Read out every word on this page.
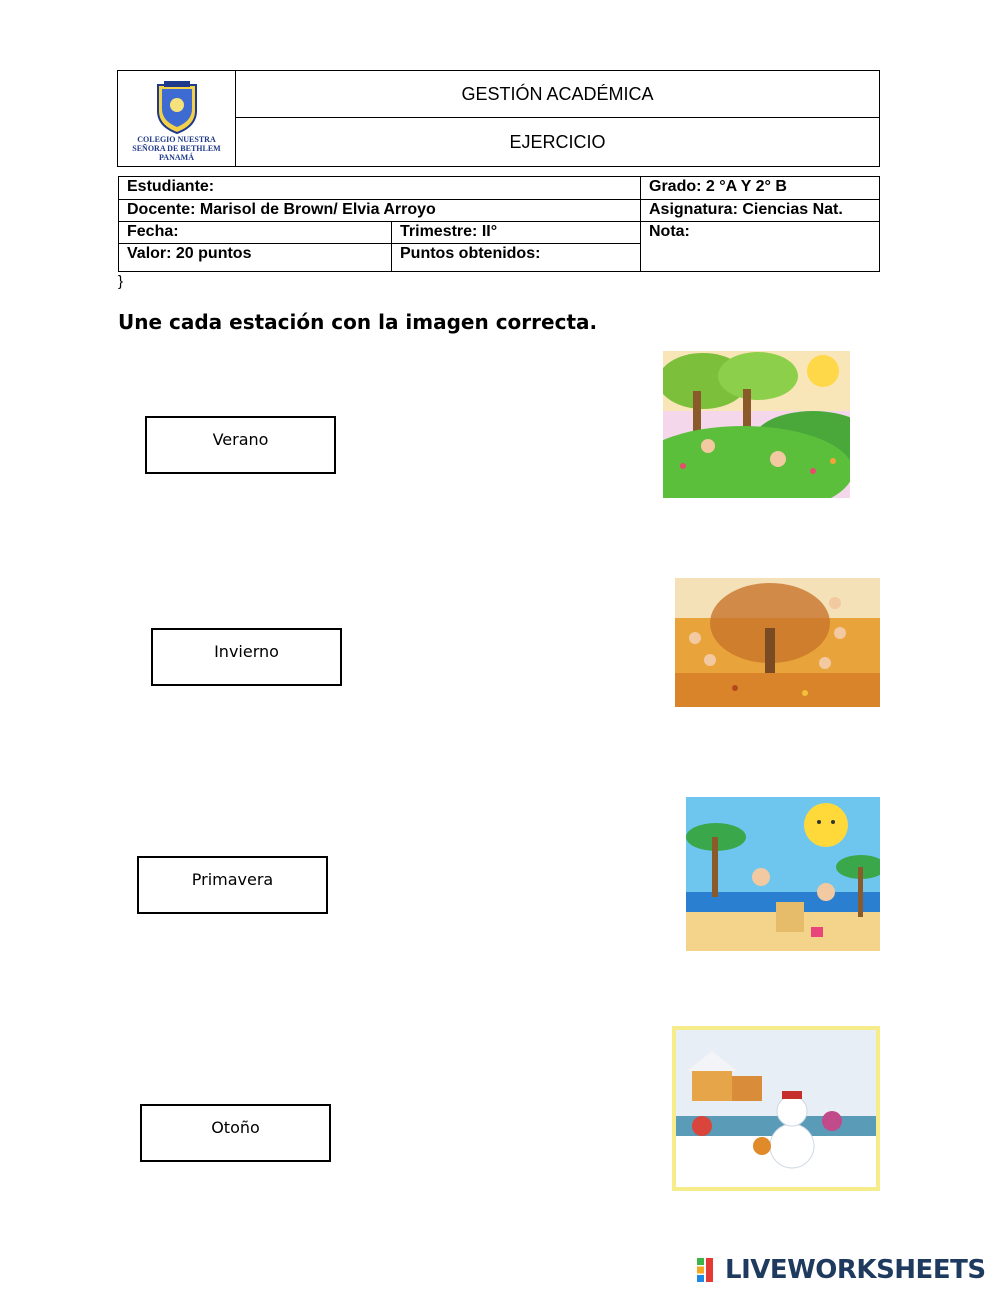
COLEGIO NUESTRA
SEÑORA DE BETHLEM
PANAMÁ
GESTIÓN ACADÉMICA
EJERCICIO
Estudiante:	Grado: 2 °A Y 2° B
Docente: Marisol de Brown/ Elvia Arroyo	Asignatura: Ciencias Nat.
Fecha:	Trimestre: II°	Nota:
Valor: 20 puntos	Puntos obtenidos:
}
Une cada estación con la imagen correcta.
Verano
Invierno
Primavera
Otoño
LIVEWORKSHEETS
